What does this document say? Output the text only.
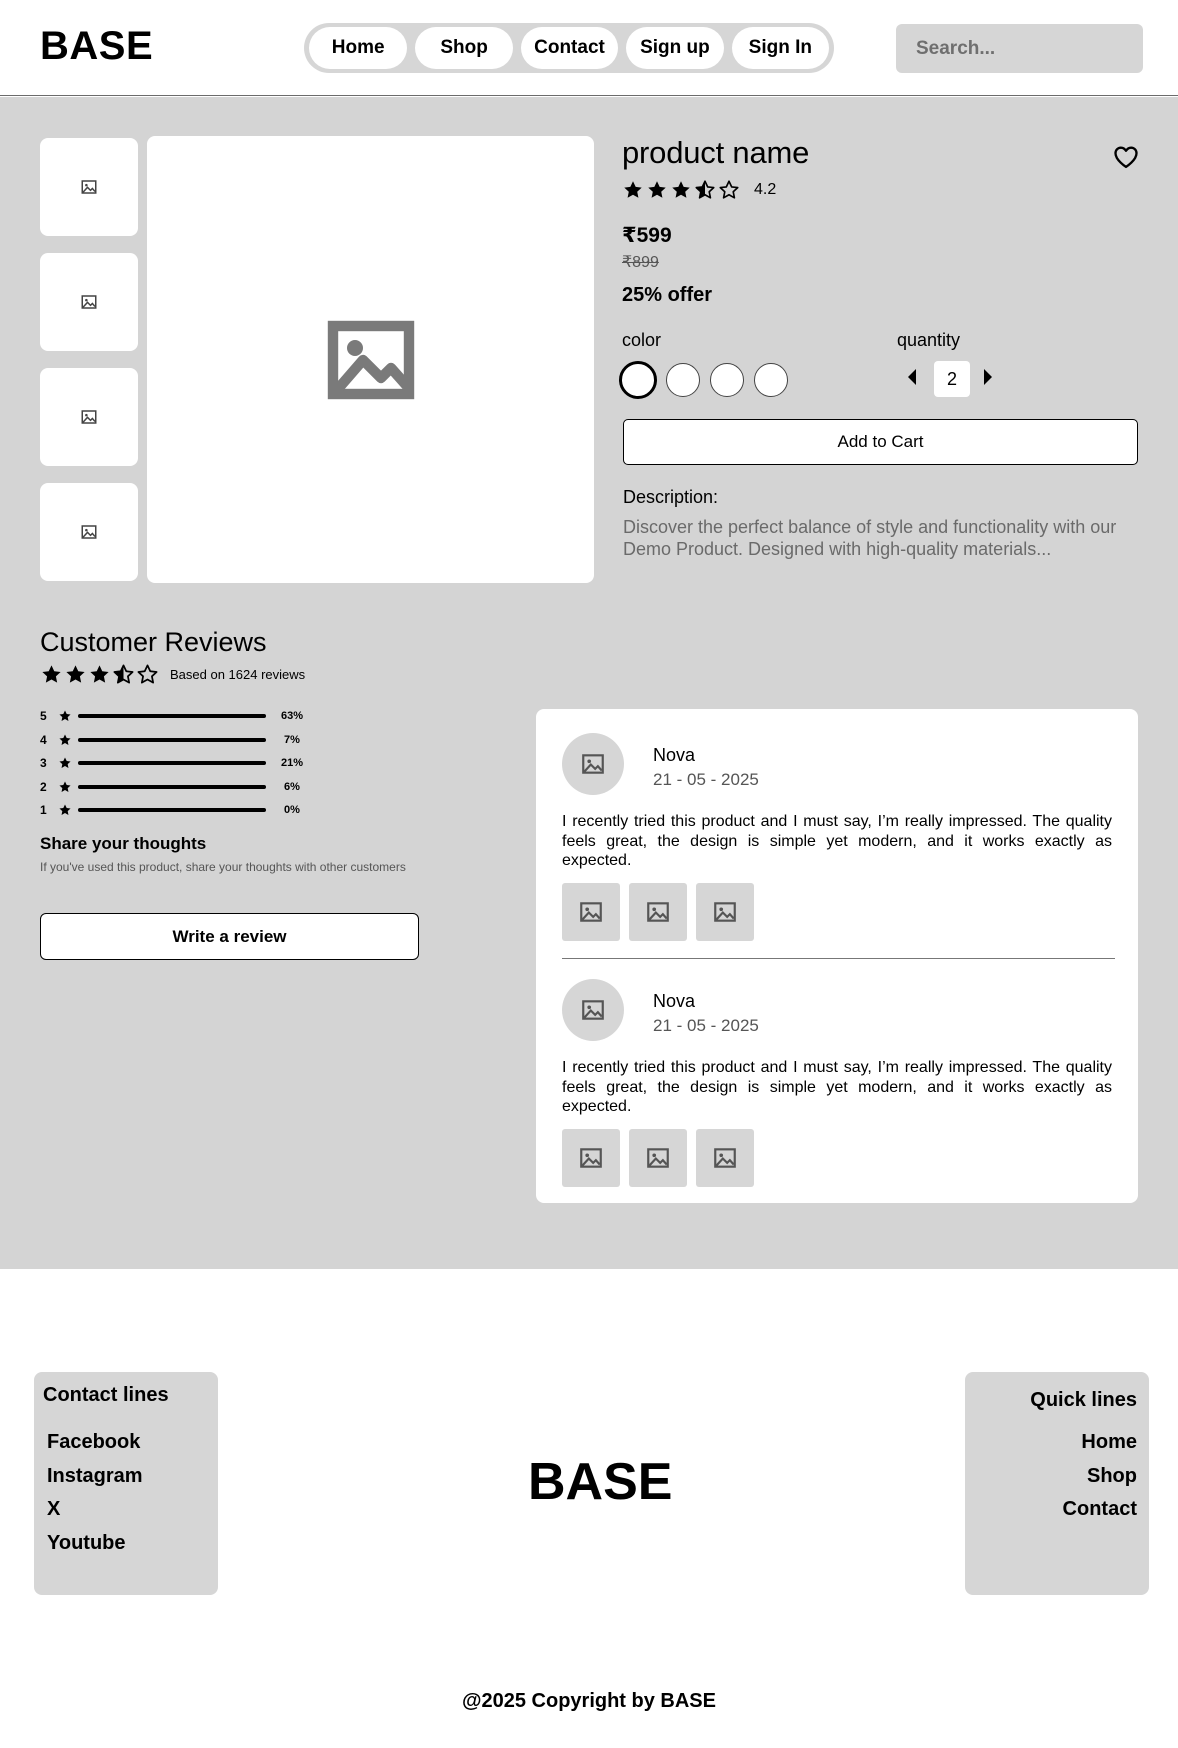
BASE	Home	Shop	Contact	Sign up	Sign In
Search...
product name
4.2
₹599
₹899
25% offer
color	quantity
2
Add to Cart
Description:
Discover the perfect balance of style and functionality with our Demo Product. Designed with high-quality materials...
Customer Reviews
Based on 1624 reviews
5	63%
4	7%
3	21%
2	6%
1	0%
Share your thoughts
If you've used this product, share your thoughts with other customers
Write a review
Nova
21 - 05 - 2025
I recently tried this product and I must say, I’m really impressed. The quality feels great, the design is simple yet modern, and it works exactly as expected.
Nova
21 - 05 - 2025
I recently tried this product and I must say, I’m really impressed. The quality feels great, the design is simple yet modern, and it works exactly as expected.
Contact lines
Facebook
Instagram
X
Youtube
BASE
Quick lines
Home
Shop
Contact
@2025 Copyright by BASE
